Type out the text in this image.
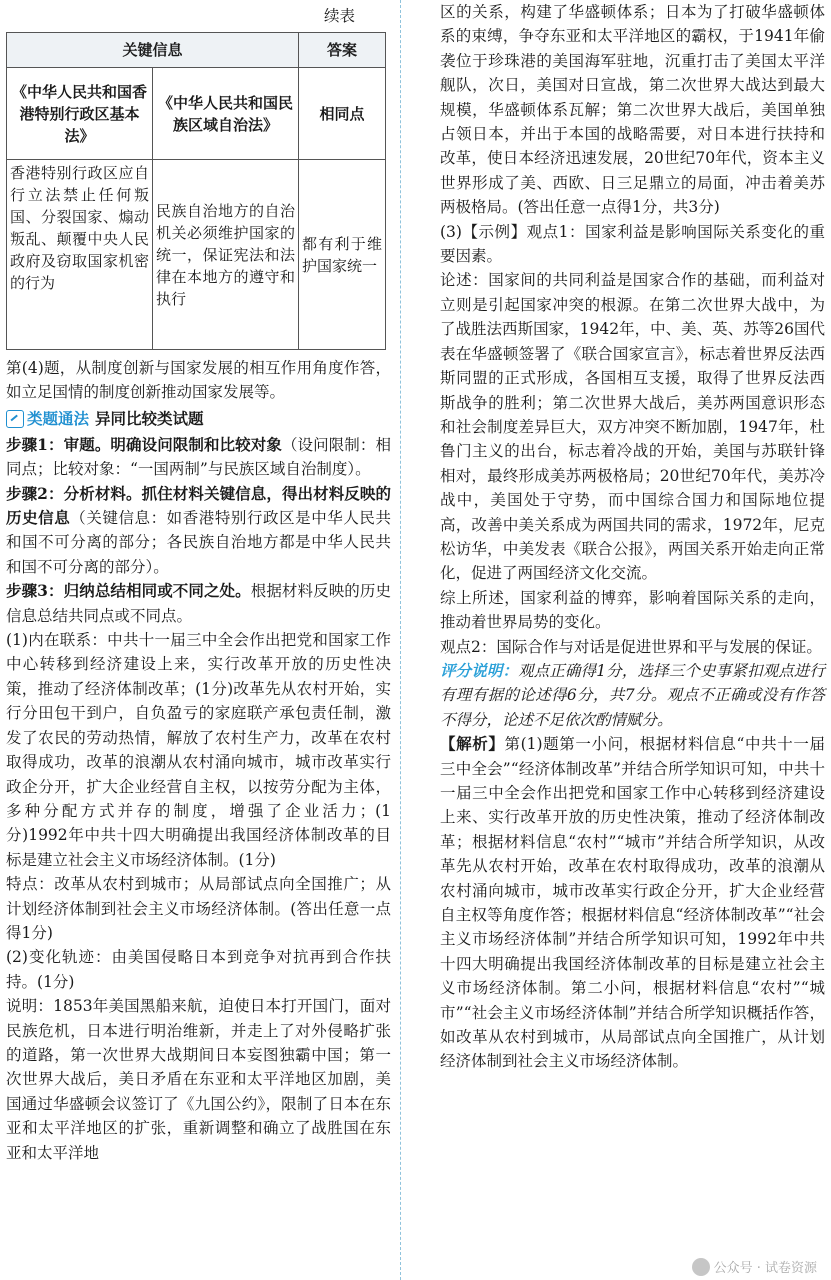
续表
关键信息		答案
《中华人民共和国香港特别行政区基本法》	《中华人民共和国民族区域自治法》	相同点
香港特别行政区应自行立法禁止任何叛国、分裂国家、煽动叛乱、颠覆中央人民政府及窃取国家机密的行为	民族自治地方的自治机关必须维护国家的统一，保证宪法和法律在本地方的遵守和执行	都有利于维护国家统一

第(4)题，从制度创新与国家发展的相互作用角度作答，如立足国情的制度创新推动国家发展等。

类题通法 异同比较类试题

步骤1：审题。明确设问限制和比较对象（设问限制：相同点；比较对象：“一国两制”与民族区域自治制度）。

步骤2：分析材料。抓住材料关键信息，得出材料反映的历史信息（关键信息：如香港特别行政区是中华人民共和国不可分离的部分；各民族自治地方都是中华人民共和国不可分离的部分）。

步骤3：归纳总结相同或不同之处。根据材料反映的历史信息总结共同点或不同点。

(1)内在联系：中共十一届三中全会作出把党和国家工作中心转移到经济建设上来，实行改革开放的历史性决策，推动了经济体制改革；(1分)改革先从农村开始，实行分田包干到户，自负盈亏的家庭联产承包责任制，激发了农民的劳动热情，解放了农村生产力，改革在农村取得成功，改革的浪潮从农村涌向城市，城市改革实行政企分开，扩大企业经营自主权，以按劳分配为主体，多种分配方式并存的制度，增强了企业活力；(1分)1992年中共十四大明确提出我国经济体制改革的目标是建立社会主义市场经济体制。(1分)

特点：改革从农村到城市；从局部试点向全国推广；从计划经济体制到社会主义市场经济体制。(答出任意一点得1分)

(2)变化轨迹：由美国侵略日本到竞争对抗再到合作扶持。(1分)

说明：1853年美国黑船来航，迫使日本打开国门，面对民族危机，日本进行明治维新，并走上了对外侵略扩张的道路，第一次世界大战期间日本妄图独霸中国；第一次世界大战后，美日矛盾在东亚和太平洋地区加剧，美国通过华盛顿会议签订了《九国公约》，限制了日本在东亚和太平洋地区的扩张，重新调整和确立了战胜国在东亚和太平洋地

区的关系，构建了华盛顿体系；日本为了打破华盛顿体系的束缚，争夺东亚和太平洋地区的霸权，于1941年偷袭位于珍珠港的美国海军驻地，沉重打击了美国太平洋舰队，次日，美国对日宣战，第二次世界大战达到最大规模，华盛顿体系瓦解；第二次世界大战后，美国单独占领日本，并出于本国的战略需要，对日本进行扶持和改革，使日本经济迅速发展，20世纪70年代，资本主义世界形成了美、西欧、日三足鼎立的局面，冲击着美苏两极格局。(答出任意一点得1分，共3分)

(3)【示例】观点1：国家利益是影响国际关系变化的重要因素。

论述：国家间的共同利益是国家合作的基础，而利益对立则是引起国家冲突的根源。在第二次世界大战中，为了战胜法西斯国家，1942年，中、美、英、苏等26国代表在华盛顿签署了《联合国家宣言》，标志着世界反法西斯同盟的正式形成，各国相互支援，取得了世界反法西斯战争的胜利；第二次世界大战后，美苏两国意识形态和社会制度差异巨大，双方冲突不断加剧，1947年，杜鲁门主义的出台，标志着冷战的开始，美国与苏联针锋相对，最终形成美苏两极格局；20世纪70年代，美苏冷战中，美国处于守势，而中国综合国力和国际地位提高，改善中美关系成为两国共同的需求，1972年，尼克松访华，中美发表《联合公报》，两国关系开始走向正常化，促进了两国经济文化交流。

综上所述，国家利益的博弈，影响着国际关系的走向，推动着世界局势的变化。

观点2：国际合作与对话是促进世界和平与发展的保证。

评分说明：观点正确得1分，选择三个史事紧扣观点进行有理有据的论述得6分，共7分。观点不正确或没有作答不得分，论述不足依次酌情赋分。

【解析】第(1)题第一小问，根据材料信息“中共十一届三中全会”“经济体制改革”并结合所学知识可知，中共十一届三中全会作出把党和国家工作中心转移到经济建设上来、实行改革开放的历史性决策，推动了经济体制改革；根据材料信息“农村”“城市”并结合所学知识，从改革先从农村开始，改革在农村取得成功，改革的浪潮从农村涌向城市，城市改革实行政企分开，扩大企业经营自主权等角度作答；根据材料信息“经济体制改革”“社会主义市场经济体制”并结合所学知识可知，1992年中共十四大明确提出我国经济体制改革的目标是建立社会主义市场经济体制。第二小问，根据材料信息“农村”“城市”“社会主义市场经济体制”并结合所学知识概括作答，如改革从农村到城市，从局部试点向全国推广，从计划经济体制到社会主义市场经济体制。

公众号 · 试卷资源
